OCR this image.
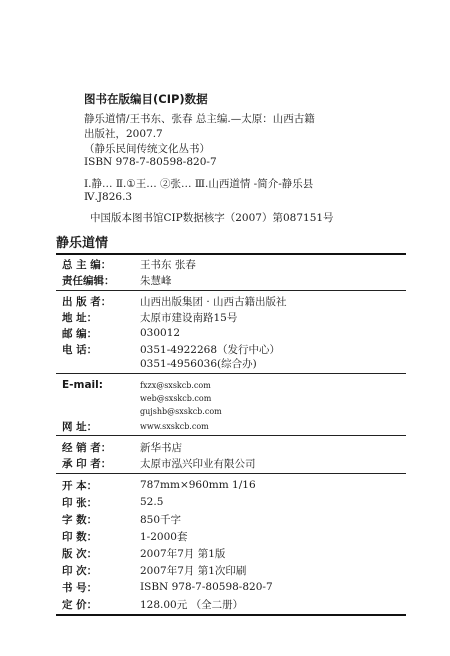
图书在版编目(CIP)数据
静乐道情/王书东、张春 总主编.—太原：山西古籍
出版社，2007.7
（静乐民间传统文化丛书）
ISBN 978-7-80598-820-7
Ⅰ.静… Ⅱ.①王… ②张… Ⅲ.山西道情 -简介-静乐县
Ⅳ.J826.3
中国版本图书馆CIP数据核字（2007）第087151号
静乐道情
总 主 编：	王书东 张春
责任编辑：	朱慧峰
出 版 者：	山西出版集团 · 山西古籍出版社
地 址：	太原市建设南路15号
邮 编：	030012
电 话：	0351-4922268（发行中心）
0351-4956036(综合办)
E-mail:	fxzx@sxskcb.com
web@sxskcb.com
gujshb@sxskcb.com
网 址：	www.sxskcb.com
经 销 者：	新华书店
承 印 者：	太原市泓兴印业有限公司
开 本：	787mm×960mm 1/16
印 张：	52.5
字 数：	850千字
印 数：	1-2000套
版 次：	2007年7月 第1版
印 次：	2007年7月 第1次印刷
书 号：	ISBN 978-7-80598-820-7
定 价：	128.00元 （全二册）
